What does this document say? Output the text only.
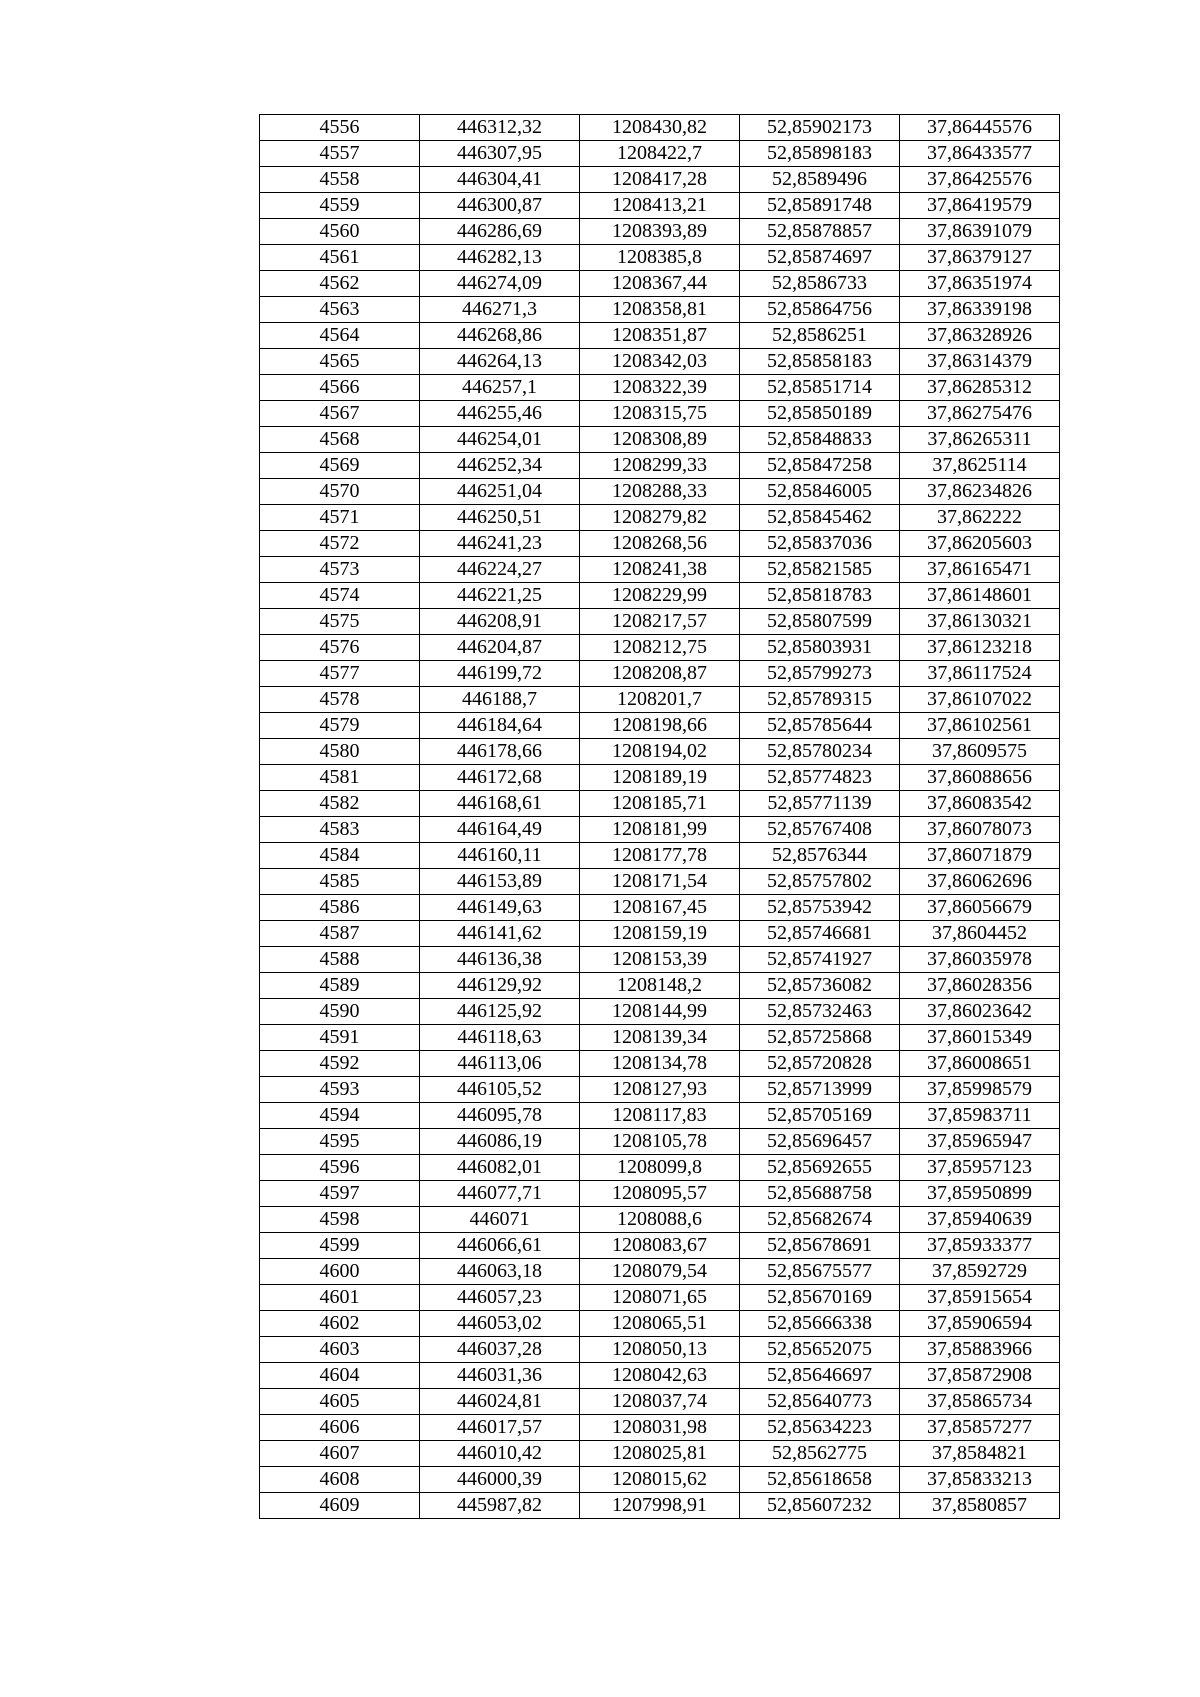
4556	446312,32	1208430,82	52,85902173	37,86445576
4557	446307,95	1208422,7	52,85898183	37,86433577
4558	446304,41	1208417,28	52,8589496	37,86425576
4559	446300,87	1208413,21	52,85891748	37,86419579
4560	446286,69	1208393,89	52,85878857	37,86391079
4561	446282,13	1208385,8	52,85874697	37,86379127
4562	446274,09	1208367,44	52,8586733	37,86351974
4563	446271,3	1208358,81	52,85864756	37,86339198
4564	446268,86	1208351,87	52,8586251	37,86328926
4565	446264,13	1208342,03	52,85858183	37,86314379
4566	446257,1	1208322,39	52,85851714	37,86285312
4567	446255,46	1208315,75	52,85850189	37,86275476
4568	446254,01	1208308,89	52,85848833	37,86265311
4569	446252,34	1208299,33	52,85847258	37,8625114
4570	446251,04	1208288,33	52,85846005	37,86234826
4571	446250,51	1208279,82	52,85845462	37,862222
4572	446241,23	1208268,56	52,85837036	37,86205603
4573	446224,27	1208241,38	52,85821585	37,86165471
4574	446221,25	1208229,99	52,85818783	37,86148601
4575	446208,91	1208217,57	52,85807599	37,86130321
4576	446204,87	1208212,75	52,85803931	37,86123218
4577	446199,72	1208208,87	52,85799273	37,86117524
4578	446188,7	1208201,7	52,85789315	37,86107022
4579	446184,64	1208198,66	52,85785644	37,86102561
4580	446178,66	1208194,02	52,85780234	37,8609575
4581	446172,68	1208189,19	52,85774823	37,86088656
4582	446168,61	1208185,71	52,85771139	37,86083542
4583	446164,49	1208181,99	52,85767408	37,86078073
4584	446160,11	1208177,78	52,8576344	37,86071879
4585	446153,89	1208171,54	52,85757802	37,86062696
4586	446149,63	1208167,45	52,85753942	37,86056679
4587	446141,62	1208159,19	52,85746681	37,8604452
4588	446136,38	1208153,39	52,85741927	37,86035978
4589	446129,92	1208148,2	52,85736082	37,86028356
4590	446125,92	1208144,99	52,85732463	37,86023642
4591	446118,63	1208139,34	52,85725868	37,86015349
4592	446113,06	1208134,78	52,85720828	37,86008651
4593	446105,52	1208127,93	52,85713999	37,85998579
4594	446095,78	1208117,83	52,85705169	37,85983711
4595	446086,19	1208105,78	52,85696457	37,85965947
4596	446082,01	1208099,8	52,85692655	37,85957123
4597	446077,71	1208095,57	52,85688758	37,85950899
4598	446071	1208088,6	52,85682674	37,85940639
4599	446066,61	1208083,67	52,85678691	37,85933377
4600	446063,18	1208079,54	52,85675577	37,8592729
4601	446057,23	1208071,65	52,85670169	37,85915654
4602	446053,02	1208065,51	52,85666338	37,85906594
4603	446037,28	1208050,13	52,85652075	37,85883966
4604	446031,36	1208042,63	52,85646697	37,85872908
4605	446024,81	1208037,74	52,85640773	37,85865734
4606	446017,57	1208031,98	52,85634223	37,85857277
4607	446010,42	1208025,81	52,8562775	37,8584821
4608	446000,39	1208015,62	52,85618658	37,85833213
4609	445987,82	1207998,91	52,85607232	37,8580857
